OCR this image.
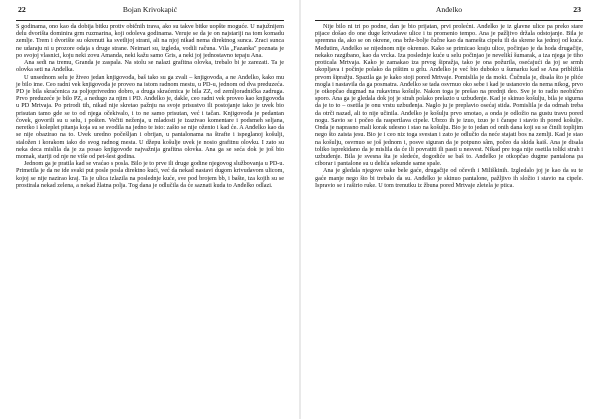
22	Bojan Krivokapić

S godinama, ono kao da dobija bitku protiv običnih trava, ako su takve bitke uopšte moguće. U najužnijem delu dvorišta dominira grm ruzmarina, koji odoleva godinama. Veruje se da je on najstariji na tom komadu zemlje. Trem i dvorište su okrenuti ka svetlijoj strani, ali na njoj nikad nema direktnog sunca. Zraci sunca ne udaraju ni u prozore odaja s druge strane. Neimari su, izgleda, vodili računa. Vila „Fazanka" poznata je po svojoj vlasnici, koju neki zovu Amanda, neki kažu samo Gris, a neki joj jednostavno tepaju Ana.

Ana sedi na tremu, Granda je zaspala. Na stolu se nalazi grafitna olovka, trebalo bi je zarezati. Ta je olovka seti na Anđelka.

U unsednom selu je živeo jedan knjigovođa, baš tako su ga zvali – knjigovođa, a ne Anđelko, kako mu je bilo ime. Ceo radni vek knjigovođa je proveo na istom radnom mestu, u PD-u, jednom od dva preduzeća. PD je bila skraćenica za poljoprivredno dobro, a druga skraćenica je bila ZZ, od zemljoradnička zadruga. Prvo preduzeće je bilo PZ, a nedugo za njim i PD. Anđelko je, dakle, ceo radni vek proveo kao knjigovođa u PD Mrtvaja. Po prirodi tih, nikad nije skretao pažnju na svoje prisustvo ili postojanje iako je uvek bio prisutan tamo gde se to od njega očekivalo, i to ne samo prisutan, već i tačan. Knjigovođa je pedantan čovek, govorili su u selu, i pošten. Večiti neženja, u mladosti je izazivao komentare i podsmeh seljana, neretko i koleplet pitanja koja su se svodila na jedno te isto: zašto se nije oženio i kad će. A Anđelko kao da se nije obazirao na to. Uvek uredno počešljan i obrijan, u pantalonama na štrafte i ispeglanoj košulji, staložen i korakom iako do svog radnog mesta. U džepu košulje uvek je nosio grafitnu olovku. I zato su neka deca mislila da je za posao knjigovođe najvažnija grafitna olovka. Ana ga se seća dok je još bio momak, stariji od nje ne više od pet-šest godina.

Jednom ga je pratila kad se vraćao s posla. Bilo je to prve ili druge godine njegovog službovanja u PD-u. Primetila je da ne ide svaki put posle posla direktno kući, već da nekad nastavi dugom krivudavom ulicom, kojoj se nije nazirao kraj. Ta je ulica izlazila na poslednje kuće, sve pod brojem bb, i bašte, iza kojih su se prostirala nekad zelena, a nekad žlatna polja. Tog dana je odlučila da će saznati kuda to Anđelko odlazi.

Anđelko	23

Nije bilo ni tri po podne, dan je bio prijatan, prvi prolećni. Anđelko je iz glavne ulice pa preko stare pijace došao do one duge krivudave ulice i tu promenio tempo. Ana je pažljivo držala odstojanje. Bila je spremna da, ako se on okrene, ona brže-bolje čučne kao da namešta cipelu ili da skrene ka jednoj od kuća. Međutim, Anđelko se nijednom nije okrenuo. Kako se primicao kraju ulice, počinjao je da hoda drugačije, nekako razgibano, kao da vrcka. Iza poslednje kuće u selu počinjao je nevelikí šumarak, a iza njega je tiho proticala Mrtvaja. Kako je zamakao iza prvog šipražja, tako je ona požurila, osećajući da joj se srmh ukopljava i počinje polako da pištim u grlu. Anđelko je već bio duboko u šumarku kad se Ana približila prvom šipražju. Spazila ga je kako stoji pored Mrtvaje. Pomislila je da moki. Čučnula je, disala što je pliće mogla i nastavila da ga posmatra. Anđelko se tada osvrnuo oko sebe i kad je ustanovio da nema nikog, prvo je otkopčao dugmad na rukavima košulje. Nakon toga je prešao na prednji deo. Sve je to radio neobično sporo. Ana ga je gledala dok joj je strah polako prelazio u uzbuđenje. Kad je skinuo košulju, bila je sigurna da je to to – osetila je onu vrstu uzbuđenja. Naglo ju je preplavio osećaj stida. Pomislila je da odmah treba da otrči nazad, ali to nije učinila. Anđelko je košulju prvo smotao, a onda je odložio na gustu travu pored nogu. Savio se i počeo da raspertlava cipele. Ubrzo ih je izuo, izuo je i čarape i stavio ih pored košulje. Onda je naprasno mali korak udesno i stao na košulju. Bio je to jedan od onih dana koji su se činili toplijim nego što zaista jesu. Bio je i ceo niz toga svestan i zato je odlučio da neće stajati bos na zemlji. Kad je stao na košulju, osvrnuo se još jednom i, posve siguran da je potpuno sâm, počeo da skida kaiš. Ana je disala toliko isprekidano da je mislila da će ili povratiti ili pasti u nesvest. Nikad pre toga nije osetila toliki strah i uzbuđenje. Bila je svesna šta je sledeće, dogodiće se baš to. Anđelko je otkopčao dugme pantalona pa ciborar i pantalone su u delića sekunde same spale.

Ana je gledala njegove uske bele gaće, drugačije od očevih i Miliškinih. Izgledalo joj je kao da su te gaće manje nego što bi trebalo da su. Anđelko je skinuo pantalone, pažljivo ih složio i stavio na cipele. Ispravio se i raširio ruke. U tom trenutku iz žbuna pored Mrtvaje zletela je ptica.
